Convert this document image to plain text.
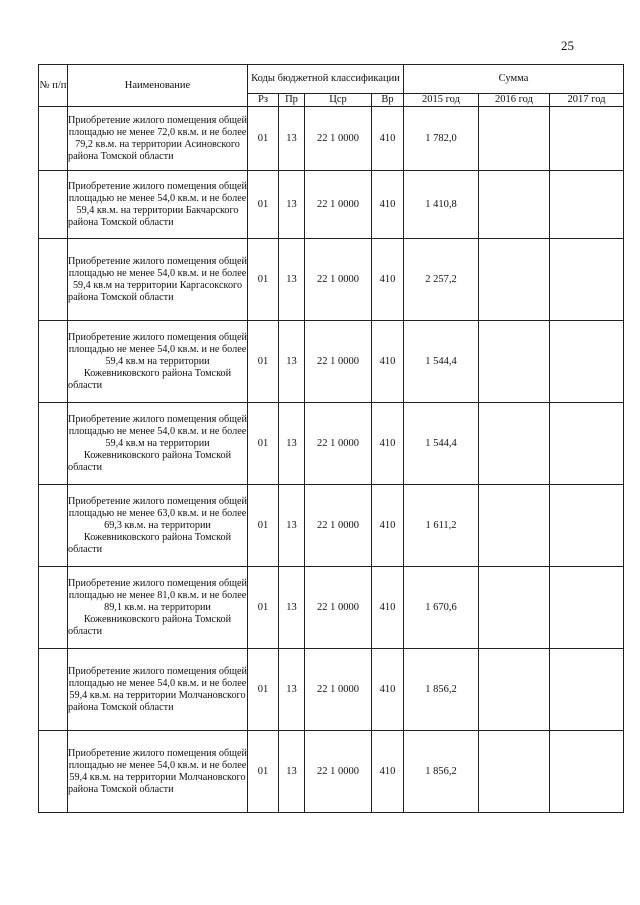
25
№ п/п	Наименование	Коды бюджетной классификации				Сумма		
		Рз	Пр	Цср	Вр	2015 год	2016 год	2017 год
	Приобретение жилого помещения общей площадью не менее 72,0 кв.м. и не более 79,2 кв.м. на территории Асиновского района Томской области	01	13	22 1 0000	410	1 782,0		
	Приобретение жилого помещения общей площадью не менее 54,0 кв.м. и не более 59,4 кв.м. на территории Бакчарского района Томской области	01	13	22 1 0000	410	1 410,8		
	Приобретение жилого помещения общей площадью не менее 54,0 кв.м. и не более 59,4 кв.м на территории Каргасокского района Томской области	01	13	22 1 0000	410	2 257,2		
	Приобретение жилого помещения общей площадью не менее 54,0 кв.м. и не более 59,4 кв.м на территории Кожевниковского района Томской области	01	13	22 1 0000	410	1 544,4		
	Приобретение жилого помещения общей площадью не менее 54,0 кв.м. и не более 59,4 кв.м на территории Кожевниковского района Томской области	01	13	22 1 0000	410	1 544,4		
	Приобретение жилого помещения общей площадью не менее 63,0 кв.м. и не более 69,3 кв.м. на территории Кожевниковского района Томской области	01	13	22 1 0000	410	1 611,2		
	Приобретение жилого помещения общей площадью не менее 81,0 кв.м. и не более 89,1 кв.м. на территории Кожевниковского района Томской области	01	13	22 1 0000	410	1 670,6		
	Приобретение жилого помещения общей площадью не менее 54,0 кв.м. и не более 59,4 кв.м. на территории Молчановского района Томской области	01	13	22 1 0000	410	1 856,2		
	Приобретение жилого помещения общей площадью не менее 54,0 кв.м. и не более 59,4 кв.м. на территории Молчановского района Томской области	01	13	22 1 0000	410	1 856,2		
